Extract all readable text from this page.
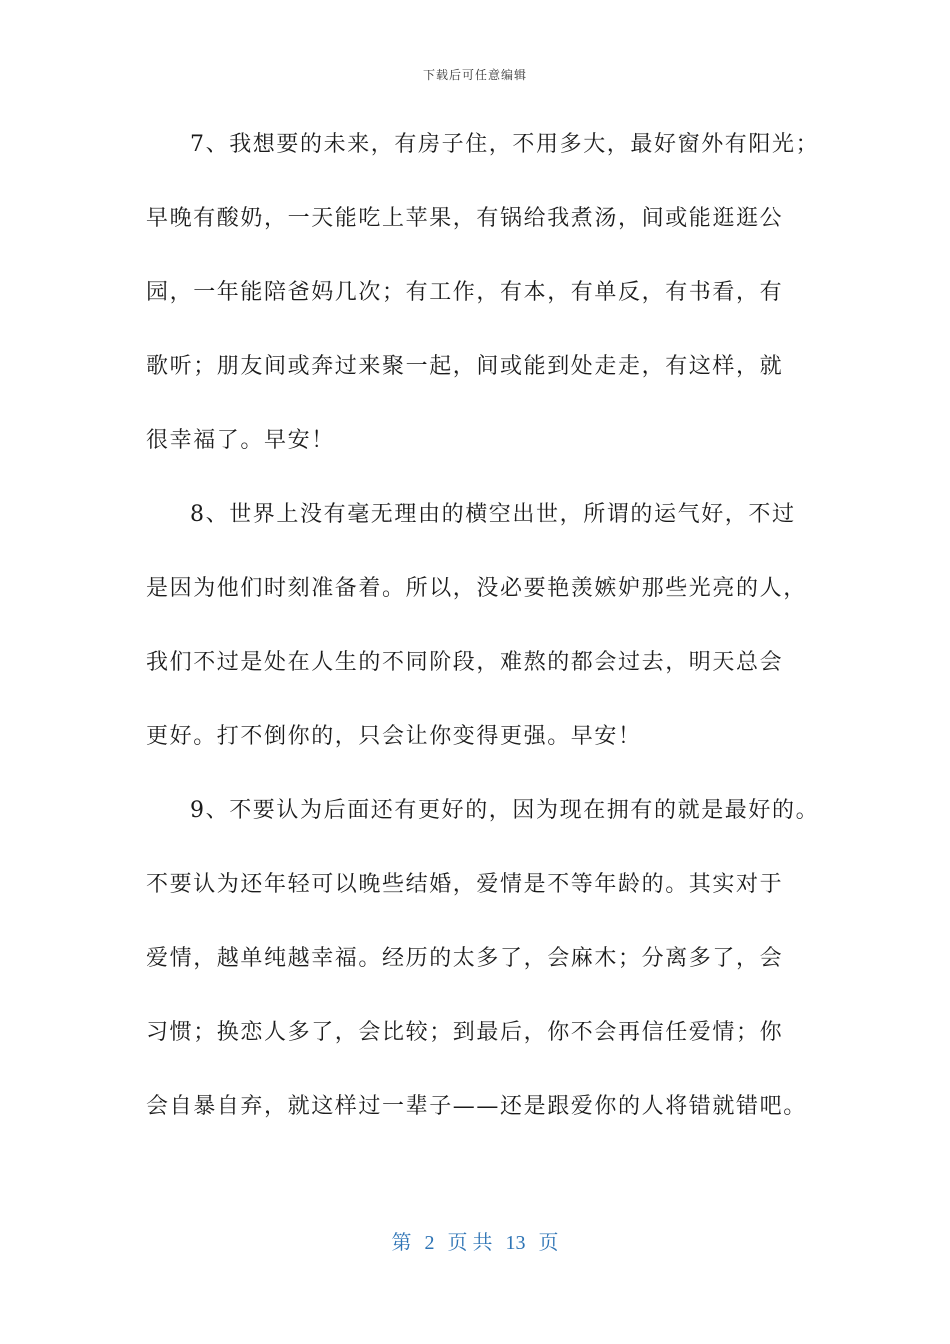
下载后可任意编辑
7、我想要的未来，有房子住，不用多大，最好窗外有阳光；
早晚有酸奶，一天能吃上苹果，有锅给我煮汤，间或能逛逛公
园，一年能陪爸妈几次；有工作，有本，有单反，有书看，有
歌听；朋友间或奔过来聚一起，间或能到处走走，有这样，就
很幸福了。早安！
8、世界上没有毫无理由的横空出世，所谓的运气好，不过
是因为他们时刻准备着。所以，没必要艳羡嫉妒那些光亮的人，
我们不过是处在人生的不同阶段，难熬的都会过去，明天总会
更好。打不倒你的，只会让你变得更强。早安！
9、不要认为后面还有更好的，因为现在拥有的就是最好的。
不要认为还年轻可以晚些结婚，爱情是不等年龄的。其实对于
爱情，越单纯越幸福。经历的太多了，会麻木；分离多了，会
习惯；换恋人多了，会比较；到最后，你不会再信任爱情；你
会自暴自弃，就这样过一辈子——还是跟爱你的人将错就错吧。
第 2 页 共 13 页
